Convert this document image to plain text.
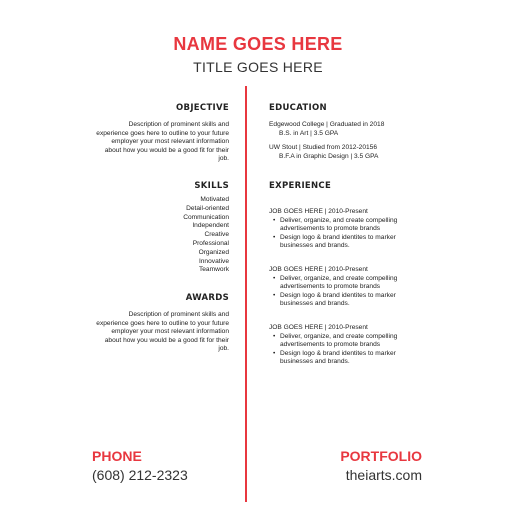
NAME GOES HERE
TITLE GOES HERE
OBJECTIVE
Description of prominent skills and experience goes here to outline to your future employer your most relevant information about how you would be a good fit for their job.
SKILLS
Motivated
Detail-oriented
Communication
Independent
Creative
Professional
Organized
Innovative
Teamwork
AWARDS
Description of prominent skills and experience goes here to outline to your future employer your most relevant information about how you would be a good fit for their job.
EDUCATION
Edgewood College | Graduated in 2018
B.S. in Art | 3.5 GPA
UW Stout | Studied from 2012-20156
B.F.A in Graphic Design | 3.5 GPA
EXPERIENCE
JOB GOES HERE | 2010-Present
• Deliver, organize, and create compelling advertisements to promote brands
• Design logo & brand identites to marker businesses and brands.
JOB GOES HERE | 2010-Present
• Deliver, organize, and create compelling advertisements to promote brands
• Design logo & brand identites to marker businesses and brands.
JOB GOES HERE | 2010-Present
• Deliver, organize, and create compelling advertisements to promote brands
• Design logo & brand identites to marker businesses and brands.
PHONE
(608) 212-2323
PORTFOLIO
theiarts.com
